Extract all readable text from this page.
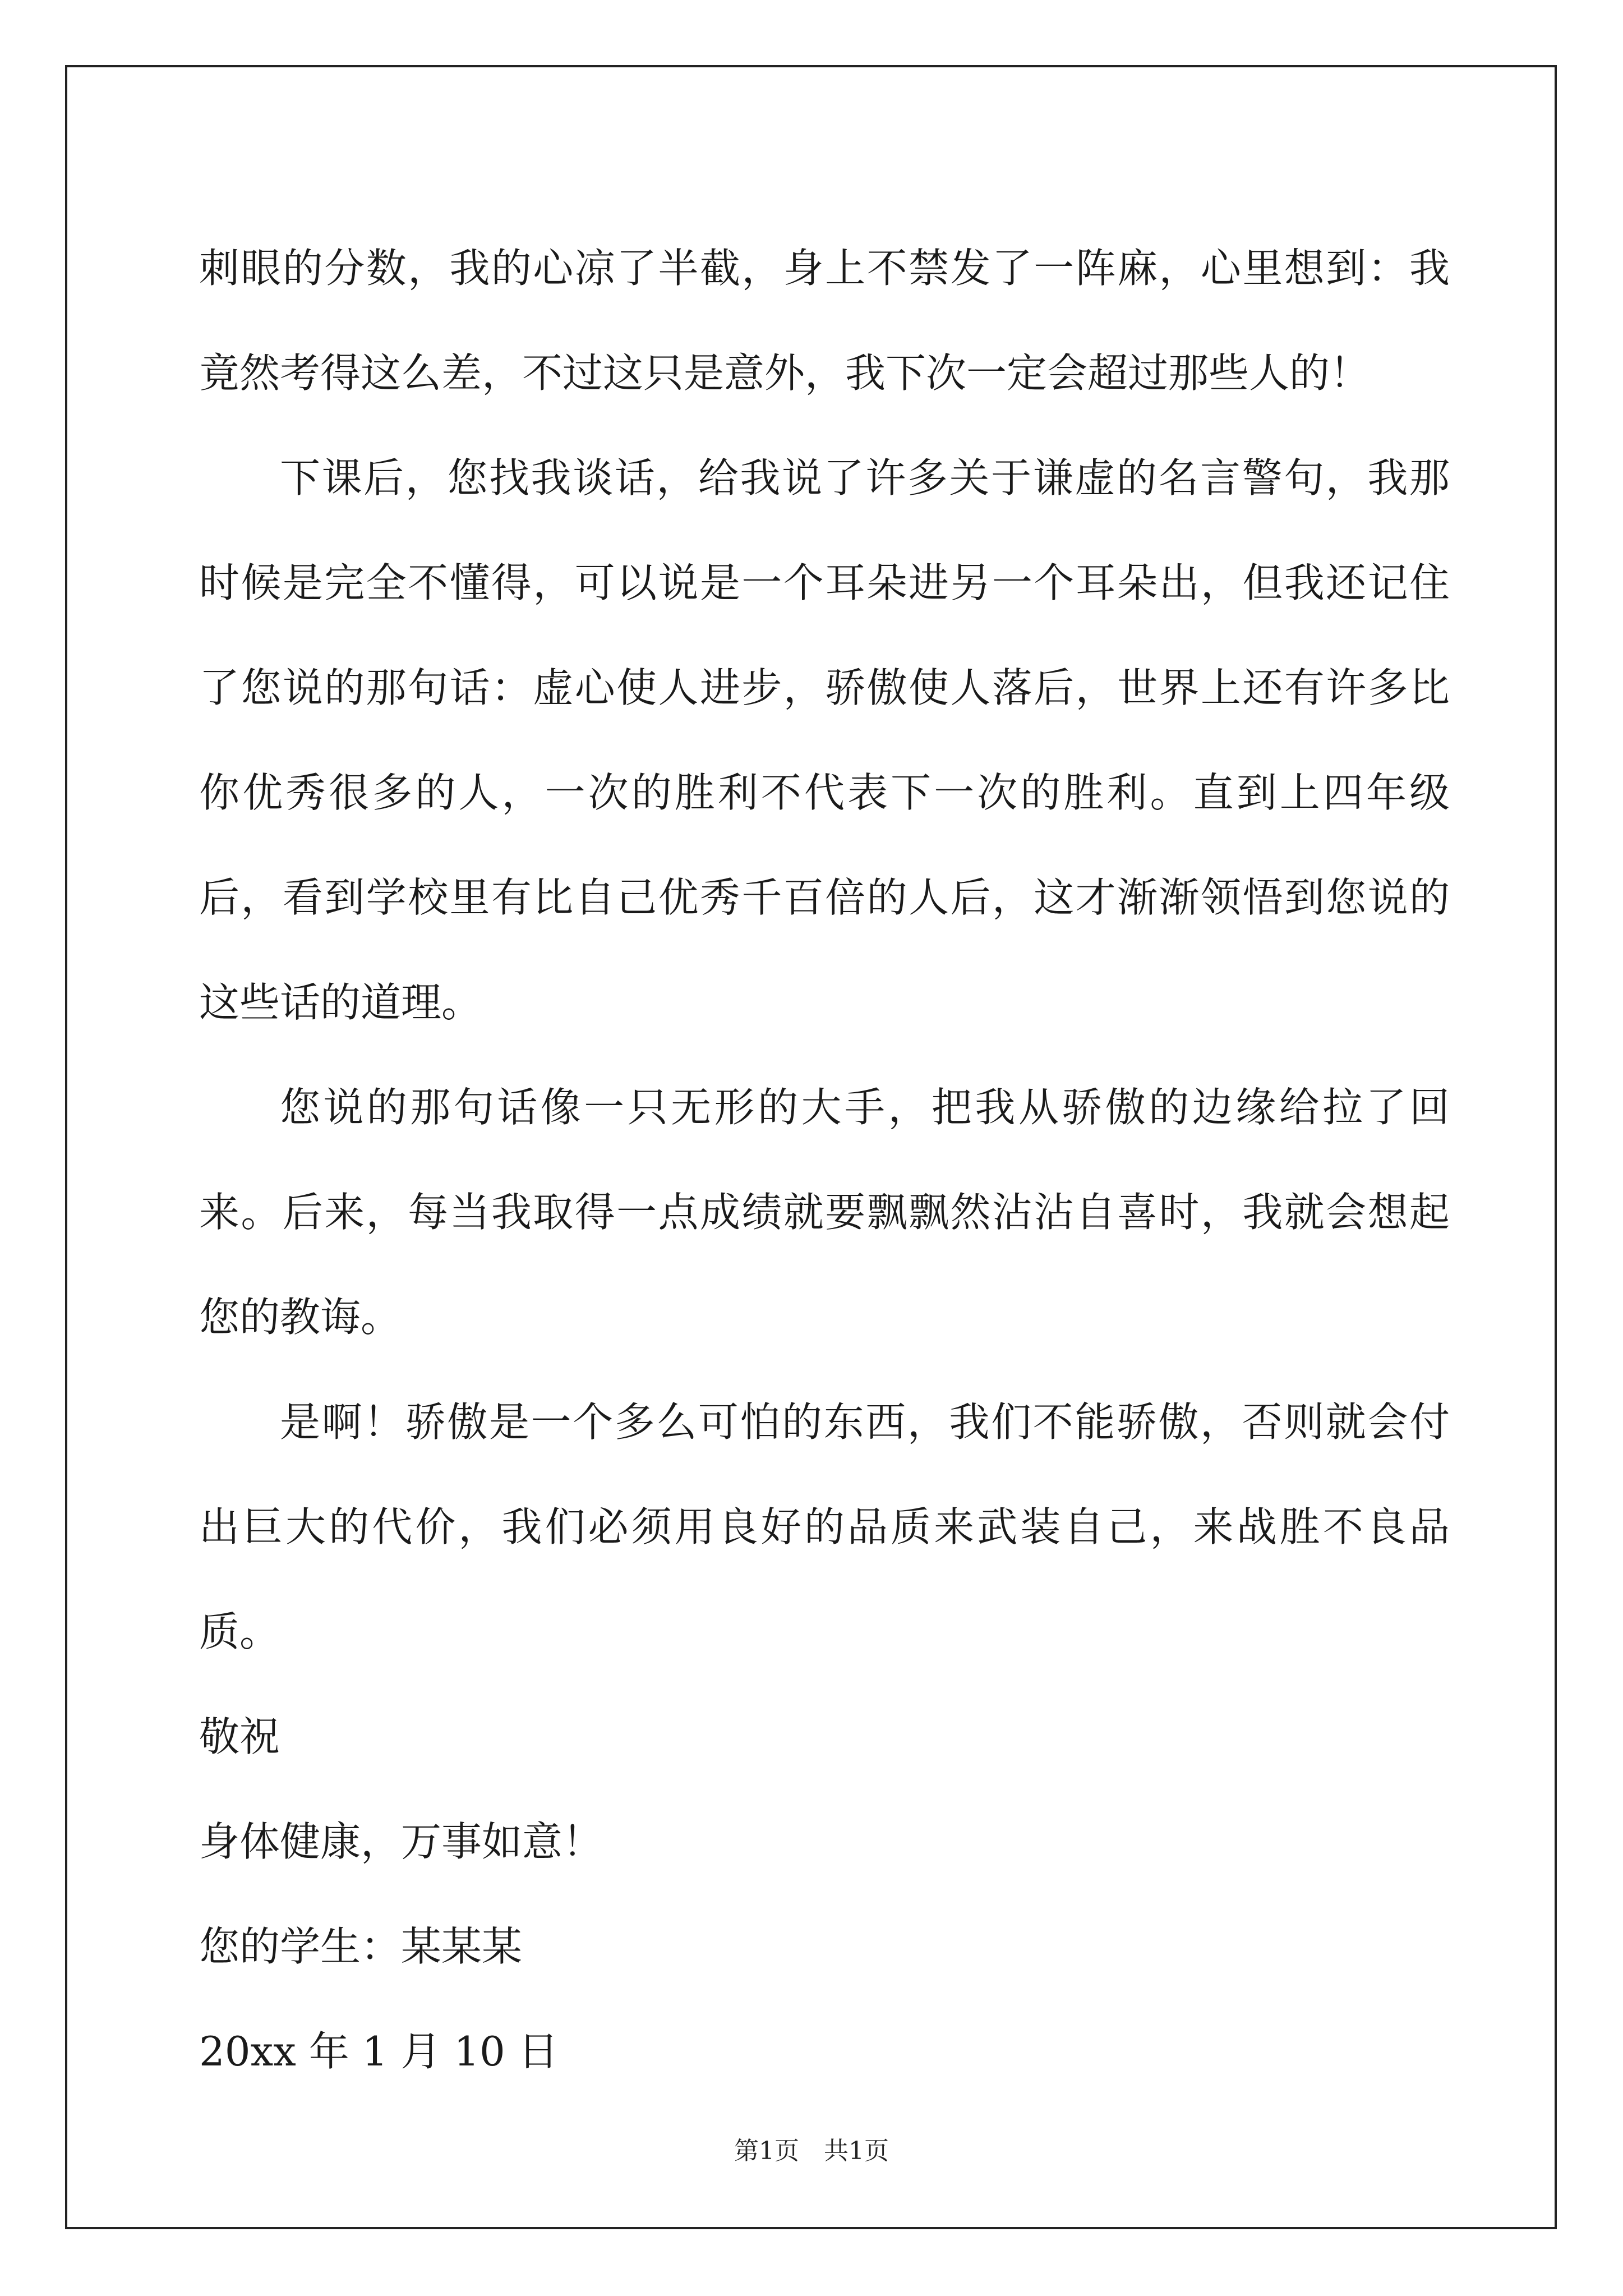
刺眼的分数，我的心凉了半截，身上不禁发了一阵麻，心里想到：我竟然考得这么差，不过这只是意外，我下次一定会超过那些人的！

下课后，您找我谈话，给我说了许多关于谦虚的名言警句，我那时候是完全不懂得，可以说是一个耳朵进另一个耳朵出，但我还记住了您说的那句话：虚心使人进步，骄傲使人落后，世界上还有许多比你优秀很多的人，一次的胜利不代表下一次的胜利。直到上四年级后，看到学校里有比自己优秀千百倍的人后，这才渐渐领悟到您说的这些话的道理。

您说的那句话像一只无形的大手，把我从骄傲的边缘给拉了回来。后来，每当我取得一点成绩就要飘飘然沾沾自喜时，我就会想起您的教诲。

是啊！骄傲是一个多么可怕的东西，我们不能骄傲，否则就会付出巨大的代价，我们必须用良好的品质来武装自己，来战胜不良品质。

敬祝

身体健康，万事如意！

您的学生：某某某

20xx 年 1 月 10 日

第1页　共1页
